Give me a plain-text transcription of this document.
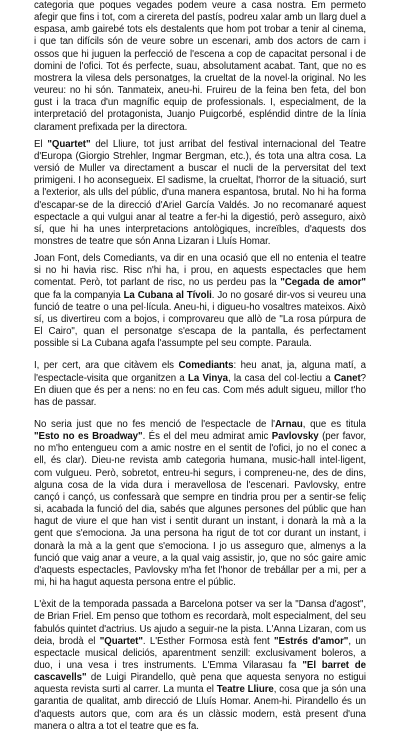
categoria que poques vegades podem veure a casa nostra. Em permeto afegir que fins i tot, com a cirereta del pastís, podreu xalar amb un llarg duel a espasa, amb gairebé tots els destalents que hom pot trobar a tenir al cinema, i que tan difícils són de veure sobre un escenari, amb dos actors de carn i ossos que hi juguen la perfecció de l'escena a cop de capacitat personal i de domini de l'ofici. Tot és perfecte, suau, absolutament acabat. Tant, que no es mostrera la vilesa dels personatges, la crueltat de la novel·la original. No les veureu: no hi són. Tanmateix, aneu-hi. Fruireu de la feina ben feta, del bon gust i la traca d'un magnífic equip de professionals. I, especialment, de la interpretació del protagonista, Juanjo Puigcorbé, espléndid dintre de la línia clarament prefixada per la directora.

El "Quartet" del Lliure, tot just arribat del festival internacional del Teatre d'Europa (Giorgio Strehler, Ingmar Bergman, etc.), és tota una altra cosa. La versió de Muller va directament a buscar el nucli de la perversitat del text primigeni. I ho aconsegueix. El sadisme, la crueltat, l'horror de la situació, surt a l'exterior, als ulls del públic, d'una manera espantosa, brutal. No hi ha forma d'escapar-se de la direcció d'Ariel García Valdés. Jo no recomanaré aquest espectacle a qui vulgui anar al teatre a fer-hi la digestió, però asseguro, això sí, que hi ha unes interpretacions antològiques, increïbles, d'aquests dos monstres de teatre que són Anna Lizaran i Lluís Homar.

Joan Font, dels Comediants, va dir en una ocasió que ell no entenia el teatre si no hi havia risc. Risc n'hi ha, i prou, en aquests espectacles que hem comentat. Però, tot parlant de risc, no us perdeu pas la "Cegada de amor" que fa la companyia La Cubana al Tívoli. Jo no gosaré dir-vos si veureu una funció de teatre o una pel·lícula. Aneu-hi, i digueu-ho vosaltres mateixos. Això sí, us divertireu com a bojos, i comprovareu que allò de "La rosa púrpura de El Cairo", quan el personatge s'escapa de la pantalla, és perfectament possible si La Cubana agafa l'assumpte pel seu compte. Paraula.

I, per cert, ara que citàvem els Comediants: heu anat, ja, alguna matí, a l'espectacle-visita que organitzen a La Vinya, la casa del col·lectiu a Canet? En diuen que és per a nens: no en feu cas. Com més adult sigueu, millor t'ho has de passar.

No seria just que no fes menció de l'espectacle de l'Arnau, que es titula "Esto no es Broadway". És el del meu admirat amic Pavlovsky (per favor, no m'ho entengueu com a amic nostre en el sentit de l'ofici, jo no el conec a ell, és clar). Dieu-ne revista amb categoria humana, music-hall intel·ligent, com vulgueu. Però, sobretot, entreu-hi segurs, i compreneu-ne, des de dins, alguna cosa de la vida dura i meravellosa de l'escenari. Pavlovsky, entre cançó i cançó, us confessarà que sempre en tindria prou per a sentir-se feliç si, acabada la funció del dia, sabés que algunes persones del públic que han hagut de viure el que han vist i sentit durant un instant, i donarà la mà a la gent que s'emociona. Ja una persona ha rigut de tot cor durant un instant, i donarà la mà a la gent que s'emociona. I jo us asseguro que, almenys a la funció que vaig anar a veure, a la qual vaig assistir, jo, que no sóc gaire amic d'aquests espectacles, Pavlovsky m'ha fet l'honor de trebállar per a mi, per a mi, hi ha hagut aquesta persona entre el públic.

L'èxit de la temporada passada a Barcelona potser va ser la "Dansa d'agost", de Brian Friel. Em penso que tothom es recordarà, molt especialment, del seu fabulós quintet d'actrius. Us ajudo a seguir-ne la pista. L'Anna Lizaran, com us deia, brodà el "Quartet". L'Esther Formosa està fent "Estrés d'amor", un espectacle musical deliciós, aparentment senzill: exclusivament boleros, a duo, i una vesa i tres instruments. L'Emma Vilarasau fa "El barret de cascavells" de Luigi Pirandello, què pena que aquesta senyora no estigui aquesta revista surti al carrer. La munta el Teatre Lliure, cosa que ja són una garantia de qualitat, amb direcció de Lluís Homar. Anem-hi. Pirandello és un d'aquests autors que, com ara és un clàssic modern, està present d'una manera o altra a tot el teatre que es fa.
